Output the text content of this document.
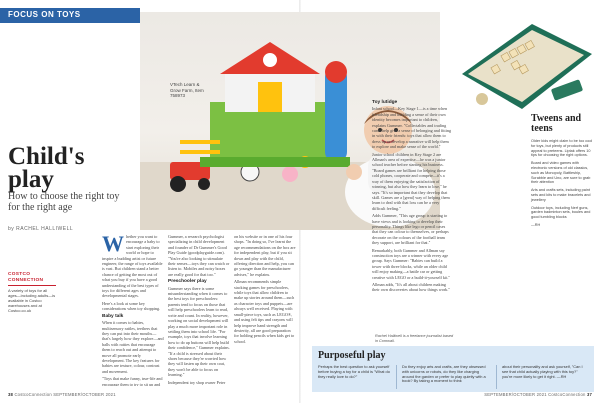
FOCUS ON TOYS
VTech Learn & Grow Farm, Item 758973
Child's play
How to choose the right toy for the right age
by RACHEL HALLIWELL
COSTCO CONNECTION
A variety of toys for all ages—including adults—is available in Costco warehouses and at Costco.co.uk
W hether you want to encourage a baby to start exploring their world or hope to inspire a budding artist or future engineer, the range of toys available is vast. But children stand a better chance of getting the most out of what you buy if you have a good understanding of the best types of toys for different ages and developmental stages.

Here's a look at some key considerations when toy shopping.

Baby talk

When it comes to babies, multisensory rattles, teethers that they can put into their mouths—that's largely how they explore—and balls with ratties that encourage them to reach out and attempt to move all promote early development. The key features for babies are texture, colour, contrast and movement.

"Toys that make funny, true-life and encourage them to try to sit up and

Gummer, a research psychologist specializing in child development and founder of Dr Gummer's Good Play Guide (goodplayguide.com). "You're also looking to stimulate their senses—toys they can watch or listen to. Mobiles and noisy boxes are really good for that too."

Preschooler play

Gummer says there is some misunderstanding when it comes to the best toys for preschoolers: parents tend to focus on those that will help preschoolers learn to read, write and count. In reality, however, working on social development will play a much more important role in settling them into school life. "For example, toys that involve learning how to do up buttons will help build their confidence," Gummer explains. "If a child is stressed about their shoes because they're worried how they will fasten up their own coat, they won't be able to focus on learning."

Independent toy shop owner Peter

on his website or in one of his four shops. "In doing so, I've learnt the age recommendations on the box are for independent play, but if you sit down and play with the child, offering direction and help, you can go younger than the manufacturer advises," he explains.

Allman recommends simple stacking games for preschoolers, while toys that allow children to make up stories around them—such as character toys and puppets—are always well received. Playing with small-piece toys, such as LEGO®, and using felt tips and crayons will help improve hand strength and dexterity, all are good preparation for holding pencils when kids get to school.

Toy lutidge

Infant school—Key Stage 1—is a time when friendship and building a sense of their own identity becomes important to children, explains Gummer. "Collectables and trading cards help give a sense of belonging and fitting in with their friends: toys that allow them to dress up or develop a narrative will help them to explore and make sense of the world."

Junior school children in Key Stage 2 are Allman's area of expertise—he was a junior school teacher before starting his business. "Board games are brilliant for helping those cold phones, cooperate and compete—it's a way of them enjoying the satisfaction of winning, but also how they learn to lose," he says. "It's so important that they develop that skill. Games are a [great] way of helping them learn to deal with that loss can be a very difficult feeling."

Adds Gummer, "This age group is starting to have views and is looking to develop their personality. Things like lego or pencil cases that they can colour to themselves, or perhaps decorate on the colours of the football team they support, are brilliant for that."

Remarkably, both Gummer and Allman say construction toys are a winner with every age group. Says Gummer: "Babies can build a tower with three blocks, while an older child will enjoy making—a battle car or getting creative with LEGO or a build-it-yourself kit."

Allman adds, "It's all about children making their own discoveries about how things work."

Rachel Halliwell is a freelance journalist based in Cornwall.
Tweens and teens

Older kids might claim to be too cool for toys, but plenty of products still appeal to preteens. Liptak offers 10 tips for choosing the right options.

Board and video games with electronic versions of old classics, such as Monopoly, Battleship, Scrabble and Uno, are sure to grab their attention

Arts and crafts sets, including paint sets and kits to make bracelets and jewellery

Outdoor toys, including Nerf guns, garden badminton sets, boules and good tumbling blocks

—RH

Purposeful play
Perhaps the best question to ask yourself before buying a toy for a child is "What do they really love to do?"
Do they enjoy arts and crafts, are they obsessed with unicorns or robots, do they like charging around the garden or prefer to play quietly with a book? By taking a moment to think
about their personality and ask yourself, "Can I see that child actually playing with this toy?" you're more likely to get it right. —RH
38 CostcoConnection SEPTEMBER/OCTOBER 2021	SEPTEMBER/OCTOBER 2021 CostcoConnection 37
